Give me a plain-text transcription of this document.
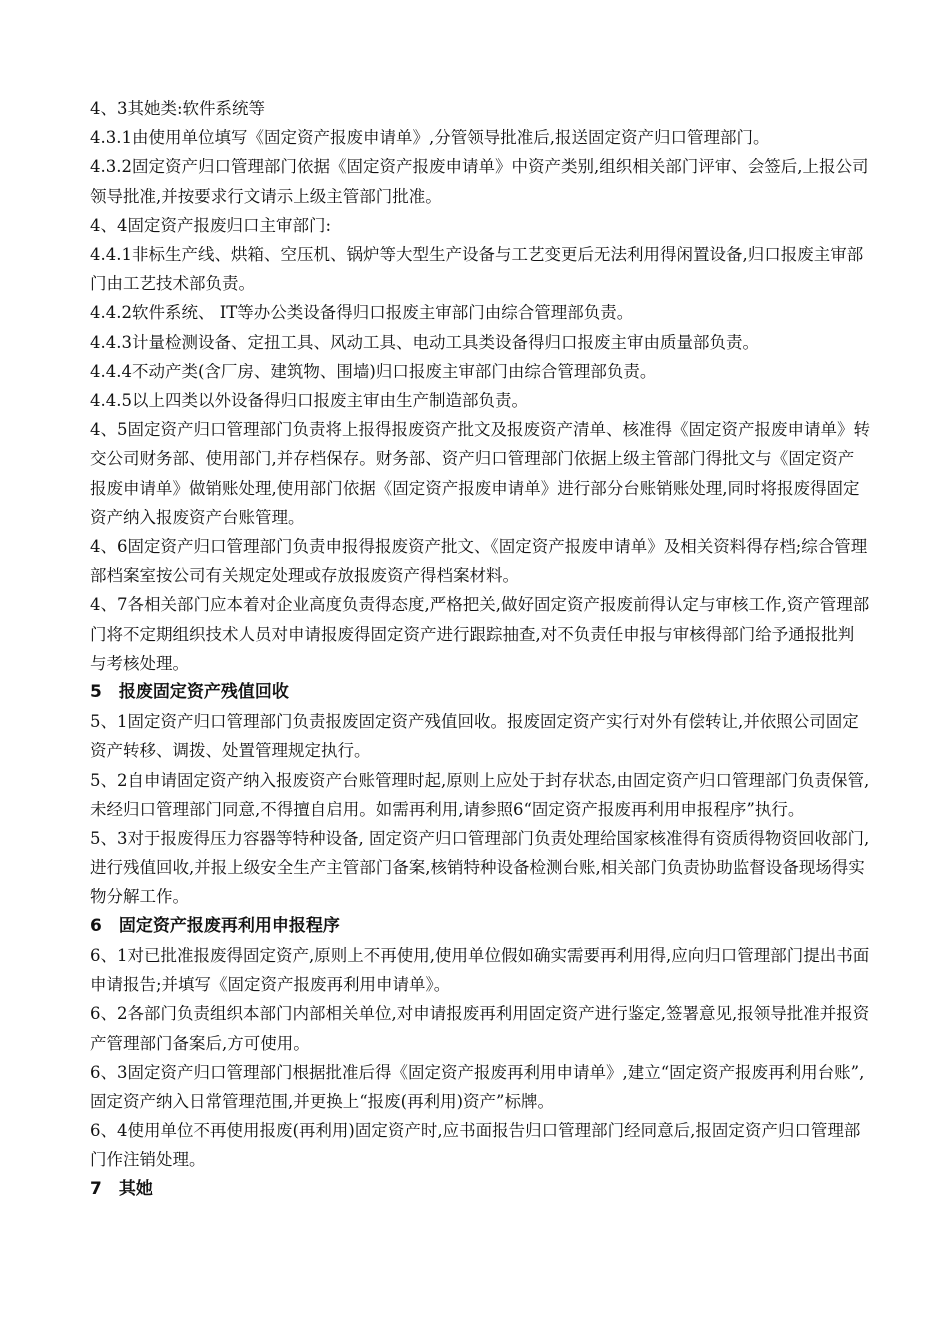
4、3其她类:软件系统等

4.3.1由使用单位填写《固定资产报废申请单》,分管领导批准后,报送固定资产归口管理部门。

4.3.2固定资产归口管理部门依据《固定资产报废申请单》中资产类别,组织相关部门评审、会签后,上报公司领导批准,并按要求行文请示上级主管部门批准。

4、4固定资产报废归口主审部门:

4.4.1非标生产线、烘箱、空压机、锅炉等大型生产设备与工艺变更后无法利用得闲置设备,归口报废主审部门由工艺技术部负责。

4.4.2软件系统、 IT等办公类设备得归口报废主审部门由综合管理部负责。

4.4.3计量检测设备、定扭工具、风动工具、电动工具类设备得归口报废主审由质量部负责。

4.4.4不动产类(含厂房、建筑物、围墙)归口报废主审部门由综合管理部负责。

4.4.5以上四类以外设备得归口报废主审由生产制造部负责。

4、5固定资产归口管理部门负责将上报得报废资产批文及报废资产清单、核准得《固定资产报废申请单》转交公司财务部、使用部门,并存档保存。财务部、资产归口管理部门依据上级主管部门得批文与《固定资产报废申请单》做销账处理,使用部门依据《固定资产报废申请单》进行部分台账销账处理,同时将报废得固定资产纳入报废资产台账管理。

4、6固定资产归口管理部门负责申报得报废资产批文、《固定资产报废申请单》及相关资料得存档;综合管理部档案室按公司有关规定处理或存放报废资产得档案材料。

4、7各相关部门应本着对企业高度负责得态度,严格把关,做好固定资产报废前得认定与审核工作,资产管理部门将不定期组织技术人员对申请报废得固定资产进行跟踪抽查,对不负责任申报与审核得部门给予通报批判与考核处理。

5　报废固定资产残值回收

5、1固定资产归口管理部门负责报废固定资产残值回收。报废固定资产实行对外有偿转让,并依照公司固定资产转移、调拨、处置管理规定执行。

5、2自申请固定资产纳入报废资产台账管理时起,原则上应处于封存状态,由固定资产归口管理部门负责保管,未经归口管理部门同意,不得擅自启用。如需再利用,请参照6“固定资产报废再利用申报程序”执行。

5、3对于报废得压力容器等特种设备, 固定资产归口管理部门负责处理给国家核准得有资质得物资回收部门,进行残值回收,并报上级安全生产主管部门备案,核销特种设备检测台账,相关部门负责协助监督设备现场得实物分解工作。

6　固定资产报废再利用申报程序

6、1对已批准报废得固定资产,原则上不再使用,使用单位假如确实需要再利用得,应向归口管理部门提出书面申请报告;并填写《固定资产报废再利用申请单》。

6、2各部门负责组织本部门内部相关单位,对申请报废再利用固定资产进行鉴定,签署意见,报领导批准并报资产管理部门备案后,方可使用。

6、3固定资产归口管理部门根据批准后得《固定资产报废再利用申请单》,建立“固定资产报废再利用台账”,固定资产纳入日常管理范围,并更换上“报废(再利用)资产”标牌。

6、4使用单位不再使用报废(再利用)固定资产时,应书面报告归口管理部门经同意后,报固定资产归口管理部门作注销处理。

7　其她
